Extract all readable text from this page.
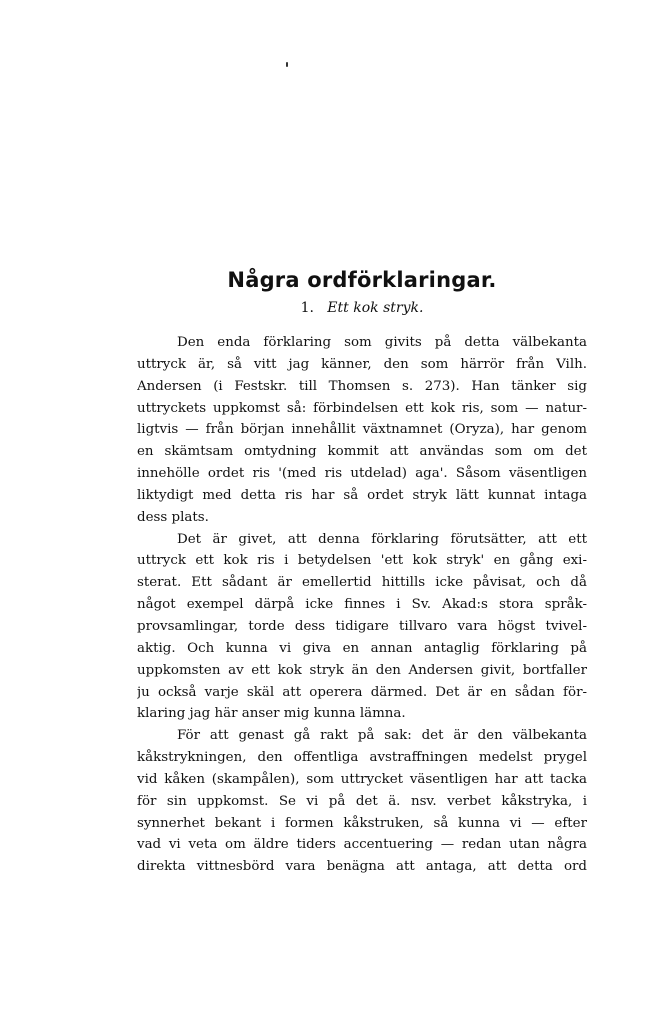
Några ordförklaringar.

1. Ett kok stryk.

Den enda förklaring som givits på detta välbekanta
uttryck är, så vitt jag känner, den som härrör från Vilh.
Andersen (i Festskr. till Thomsen s. 273). Han tänker sig
uttryckets uppkomst så: förbindelsen ett kok ris, som — natur-
ligtvis — från början innehållit växtnamnet (Oryza), har genom
en skämtsam omtydning kommit att användas som om det
innehölle ordet ris '(med ris utdelad) aga'. Såsom väsentligen
liktydigt med detta ris har så ordet stryk lätt kunnat intaga
dess plats.
Det är givet, att denna förklaring förutsätter, att ett
uttryck ett kok ris i betydelsen 'ett kok stryk' en gång exi-
sterat. Ett sådant är emellertid hittills icke påvisat, och då
något exempel därpå icke finnes i Sv. Akad:s stora språk-
provsamlingar, torde dess tidigare tillvaro vara högst tvivel-
aktig. Och kunna vi giva en annan antaglig förklaring på
uppkomsten av ett kok stryk än den Andersen givit, bortfaller
ju också varje skäl att operera därmed. Det är en sådan för-
klaring jag här anser mig kunna lämna.
För att genast gå rakt på sak: det är den välbekanta
kåkstrykningen, den offentliga avstraffningen medelst prygel
vid kåken (skampålen), som uttrycket väsentligen har att tacka
för sin uppkomst. Se vi på det ä. nsv. verbet kåkstryka, i
synnerhet bekant i formen kåkstruken, så kunna vi — efter
vad vi veta om äldre tiders accentuering — redan utan några
direkta vittnesbörd vara benägna att antaga, att detta ord
